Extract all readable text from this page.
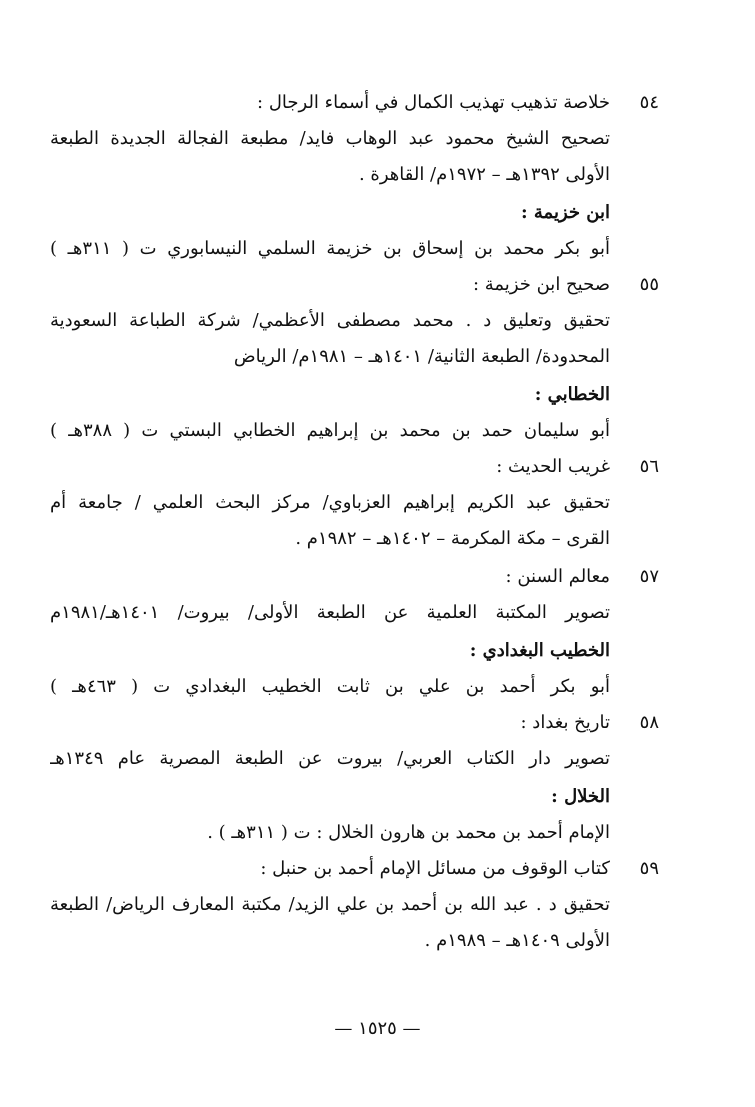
٥٤
خلاصة تذهيب تهذيب الكمال في أسماء الرجال :
تصحيح الشيخ محمود عبد الوهاب فايد/ مطبعة الفجالة الجديدة الطبعة
الأولى ١٣٩٢هـ – ١٩٧٢م/ القاهرة .
ابن خزيمة :
أبو بكر محمد بن إسحاق بن خزيمة السلمي النيسابوري ت ( ٣١١هـ )
٥٥
صحيح ابن خزيمة :
تحقيق وتعليق د . محمد مصطفى الأعظمي/ شركة الطباعة السعودية
المحدودة/ الطبعة الثانية/ ١٤٠١هـ – ١٩٨١م/ الرياض
الخطابي :
أبو سليمان حمد بن محمد بن إبراهيم الخطابي البستي ت ( ٣٨٨هـ )
٥٦
غريب الحديث :
تحقيق عبد الكريم إبراهيم العزباوي/ مركز البحث العلمي / جامعة أم
القرى – مكة المكرمة – ١٤٠٢هـ – ١٩٨٢م .
٥٧
معالم السنن :
تصوير المكتبة العلمية عن الطبعة الأولى/ بيروت/ ١٤٠١هـ/١٩٨١م
الخطيب البغدادي :
أبو بكر أحمد بن علي بن ثابت الخطيب البغدادي ت ( ٤٦٣هـ )
٥٨
تاريخ بغداد :
تصوير دار الكتاب العربي/ بيروت عن الطبعة المصرية عام ١٣٤٩هـ
الخلال :
الإمام أحمد بن محمد بن هارون الخلال : ت ( ٣١١هـ ) .
٥٩
كتاب الوقوف من مسائل الإمام أحمد بن حنبل :
تحقيق د . عبد الله بن أحمد بن علي الزيد/ مكتبة المعارف الرياض/ الطبعة
الأولى ١٤٠٩هـ – ١٩٨٩م .
— ١٥٢٥ —
